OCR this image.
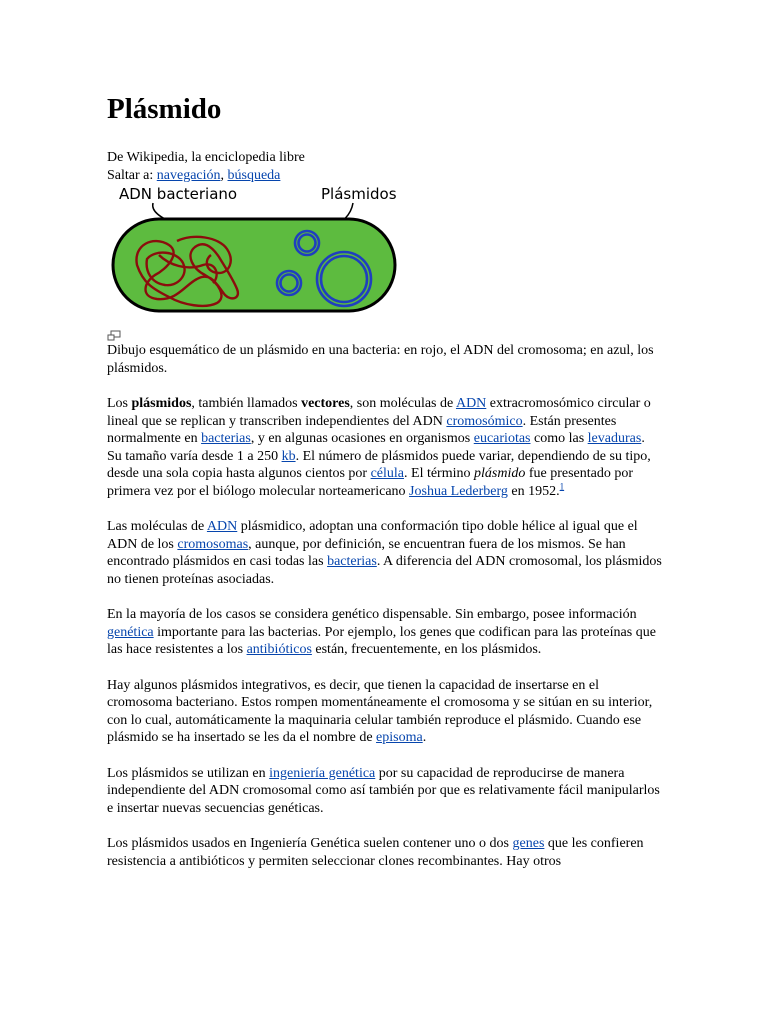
Plásmido

De Wikipedia, la enciclopedia libre

Saltar a: navegación, búsqueda

ADN bacteriano	Plásmidos

Dibujo esquemático de un plásmido en una bacteria: en rojo, el ADN del cromosoma; en azul, los plásmidos.

Los plásmidos, también llamados vectores, son moléculas de ADN extracromosómico circular o lineal que se replican y transcriben independientes del ADN cromosómico. Están presentes normalmente en bacterias, y en algunas ocasiones en organismos eucariotas como las levaduras. Su tamaño varía desde 1 a 250 kb. El número de plásmidos puede variar, dependiendo de su tipo, desde una sola copia hasta algunos cientos por célula. El término plásmido fue presentado por primera vez por el biólogo molecular norteamericano Joshua Lederberg en 1952.$^1$

Las moléculas de ADN plásmidico, adoptan una conformación tipo doble hélice al igual que el ADN de los cromosomas, aunque, por definición, se encuentran fuera de los mismos. Se han encontrado plásmidos en casi todas las bacterias. A diferencia del ADN cromosomal, los plásmidos no tienen proteínas asociadas.

En la mayoría de los casos se considera genético dispensable. Sin embargo, posee información genética importante para las bacterias. Por ejemplo, los genes que codifican para las proteínas que las hace resistentes a los antibióticos están, frecuentemente, en los plásmidos.

Hay algunos plásmidos integrativos, es decir, que tienen la capacidad de insertarse en el cromosoma bacteriano. Estos rompen momentáneamente el cromosoma y se sitúan en su interior, con lo cual, automáticamente la maquinaria celular también reproduce el plásmido. Cuando ese plásmido se ha insertado se les da el nombre de episoma.

Los plásmidos se utilizan en ingeniería genética por su capacidad de reproducirse de manera independiente del ADN cromosomal como así también por que es relativamente fácil manipularlos e insertar nuevas secuencias genéticas.

Los plásmidos usados en Ingeniería Genética suelen contener uno o dos genes que les confieren resistencia a antibióticos y permiten seleccionar clones recombinantes. Hay otros
